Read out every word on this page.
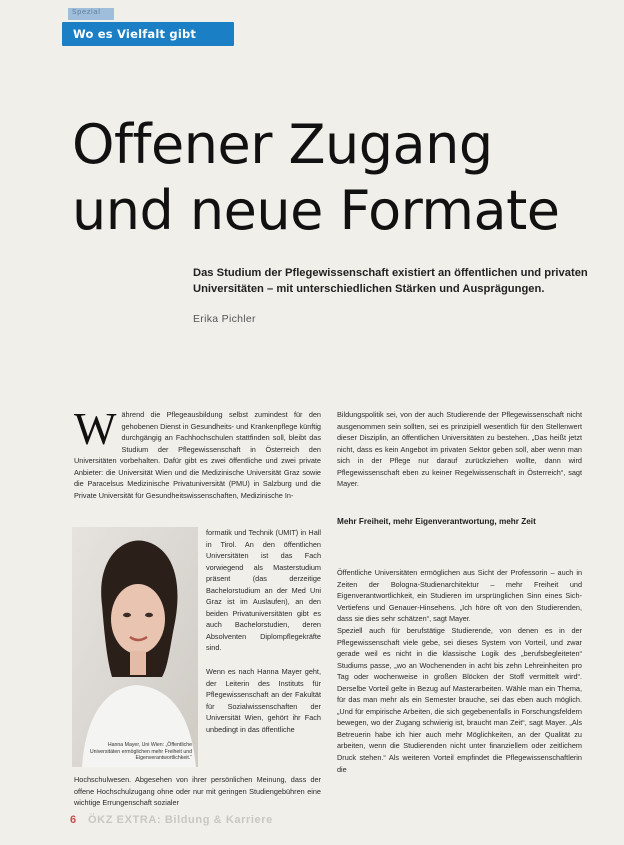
Spezial
Wo es Vielfalt gibt
Offener Zugang
und neue Formate

Das Studium der Pflegewissenschaft existiert an öffentlichen und privaten Universitäten – mit unterschiedlichen Stärken und Ausprägungen.

Erika Pichler
W ährend die Pflegeausbildung selbst zumindest für den gehobenen Dienst in Gesundheits- und Krankenpflege künftig durchgängig an Fachhochschulen stattfinden soll, bleibt das Studium der Pflegewissenschaft in Österreich den Universitäten vorbehalten. Dafür gibt es zwei öffentliche und zwei private Anbieter: die Universität Wien und die Medizinische Universität Graz sowie die Paracelsus Medizinische Privatuniversität (PMU) in Salzburg und die Private Universität für Gesundheitswissenschaften, Medizinische In-

Hanna Mayer, Uni Wien: „Öffentliche
Universitäten ermöglichen mehr Freiheit und
Eigenverantwortlichkeit.“

formatik und Technik (UMIT) in Hall in Tirol. An den öffentlichen Universitäten ist das Fach vorwiegend als Masterstudium präsent (das derzeitige Bachelorstudium an der Med Uni Graz ist im Auslaufen), an den beiden Privatuniversitäten gibt es auch Bachelorstudien, deren Absolventen Diplompflegekräfte sind.

Wenn es nach Hanna Mayer geht, der Leiterin des Instituts für Pflegewissenschaft an der Fakultät für Sozialwissenschaften der Universität Wien, gehört ihr Fach unbedingt in das öffentliche

Hochschulwesen. Abgesehen von ihrer persönlichen Meinung, dass der offene Hochschulzugang ohne oder nur mit geringen Studiengebühren eine wichtige Errungenschaft sozialer

Bildungspolitik sei, von der auch Studierende der Pflegewissenschaft nicht ausgenommen sein sollten, sei es prinzipiell wesentlich für den Stellenwert dieser Disziplin, an öffentlichen Universitäten zu bestehen. „Das heißt jetzt nicht, dass es kein Angebot im privaten Sektor geben soll, aber wenn man sich in der Pflege nur darauf zurückziehen wollte, dann wird Pflegewissenschaft eben zu keiner Regelwissenschaft in Österreich“, sagt Mayer.

Mehr Freiheit, mehr Eigenverantwortung, mehr Zeit

Öffentliche Universitäten ermöglichen aus Sicht der Professorin – auch in Zeiten der Bologna-Studienarchitektur – mehr Freiheit und Eigenverantwortlichkeit, ein Studieren im ursprünglichen Sinn eines Sich-Vertiefens und Genauer-Hinsehens. „Ich höre oft von den Studierenden, dass sie dies sehr schätzen“, sagt Mayer.

Speziell auch für berufstätige Studierende, von denen es in der Pflegewissenschaft viele gebe, sei dieses System von Vorteil, und zwar gerade weil es nicht in die klassische Logik des „berufsbegleiteten“ Studiums passe, „wo an Wochenenden in acht bis zehn Lehreinheiten pro Tag oder wochenweise in großen Blöcken der Stoff vermittelt wird“. Derselbe Vorteil gelte in Bezug auf Masterarbeiten. Wähle man ein Thema, für das man mehr als ein Semester brauche, sei das eben auch möglich. „Und für empirische Arbeiten, die sich gegebenenfalls in Forschungsfeldern bewegen, wo der Zugang schwierig ist, braucht man Zeit“, sagt Mayer. „Als Betreuerin habe ich hier auch mehr Möglichkeiten, an der Qualität zu arbeiten, wenn die Studierenden nicht unter finanziellem oder zeitlichem Druck stehen.“ Als weiteren Vorteil empfindet die Pflegewissenschaftlerin die

6 ÖKZ EXTRA: Bildung & Karriere
